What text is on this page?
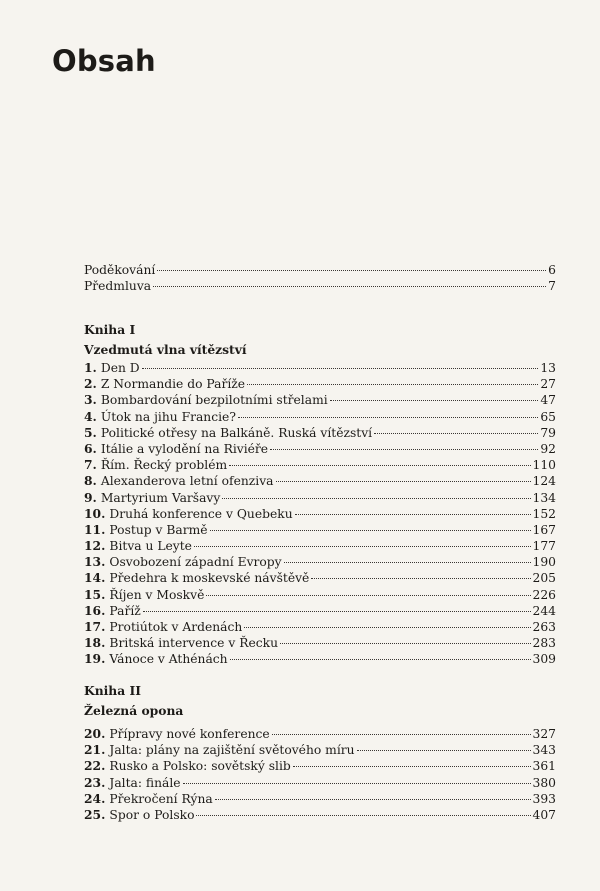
Obsah
Poděkování	6
Předmluva	7
Kniha I
Vzedmutá vlna vítězství
1. Den D	13
2. Z Normandie do Paříže	27
3. Bombardování bezpilotními střelami	47
4. Útok na jihu Francie?	65
5. Politické otřesy na Balkáně. Ruská vítězství	79
6. Itálie a vylodění na Riviéře	92
7. Řím. Řecký problém	110
8. Alexanderova letní ofenziva	124
9. Martyrium Varšavy	134
10. Druhá konference v Quebeku	152
11. Postup v Barmě	167
12. Bitva u Leyte	177
13. Osvobození západní Evropy	190
14. Předehra k moskevské návštěvě	205
15. Říjen v Moskvě	226
16. Paříž	244
17. Protiútok v Ardenách	263
18. Britská intervence v Řecku	283
19. Vánoce v Athénách	309
Kniha II
Železná opona
20. Přípravy nové konference	327
21. Jalta: plány na zajištění světového míru	343
22. Rusko a Polsko: sovětský slib	361
23. Jalta: finále	380
24. Překročení Rýna	393
25. Spor o Polsko	407
